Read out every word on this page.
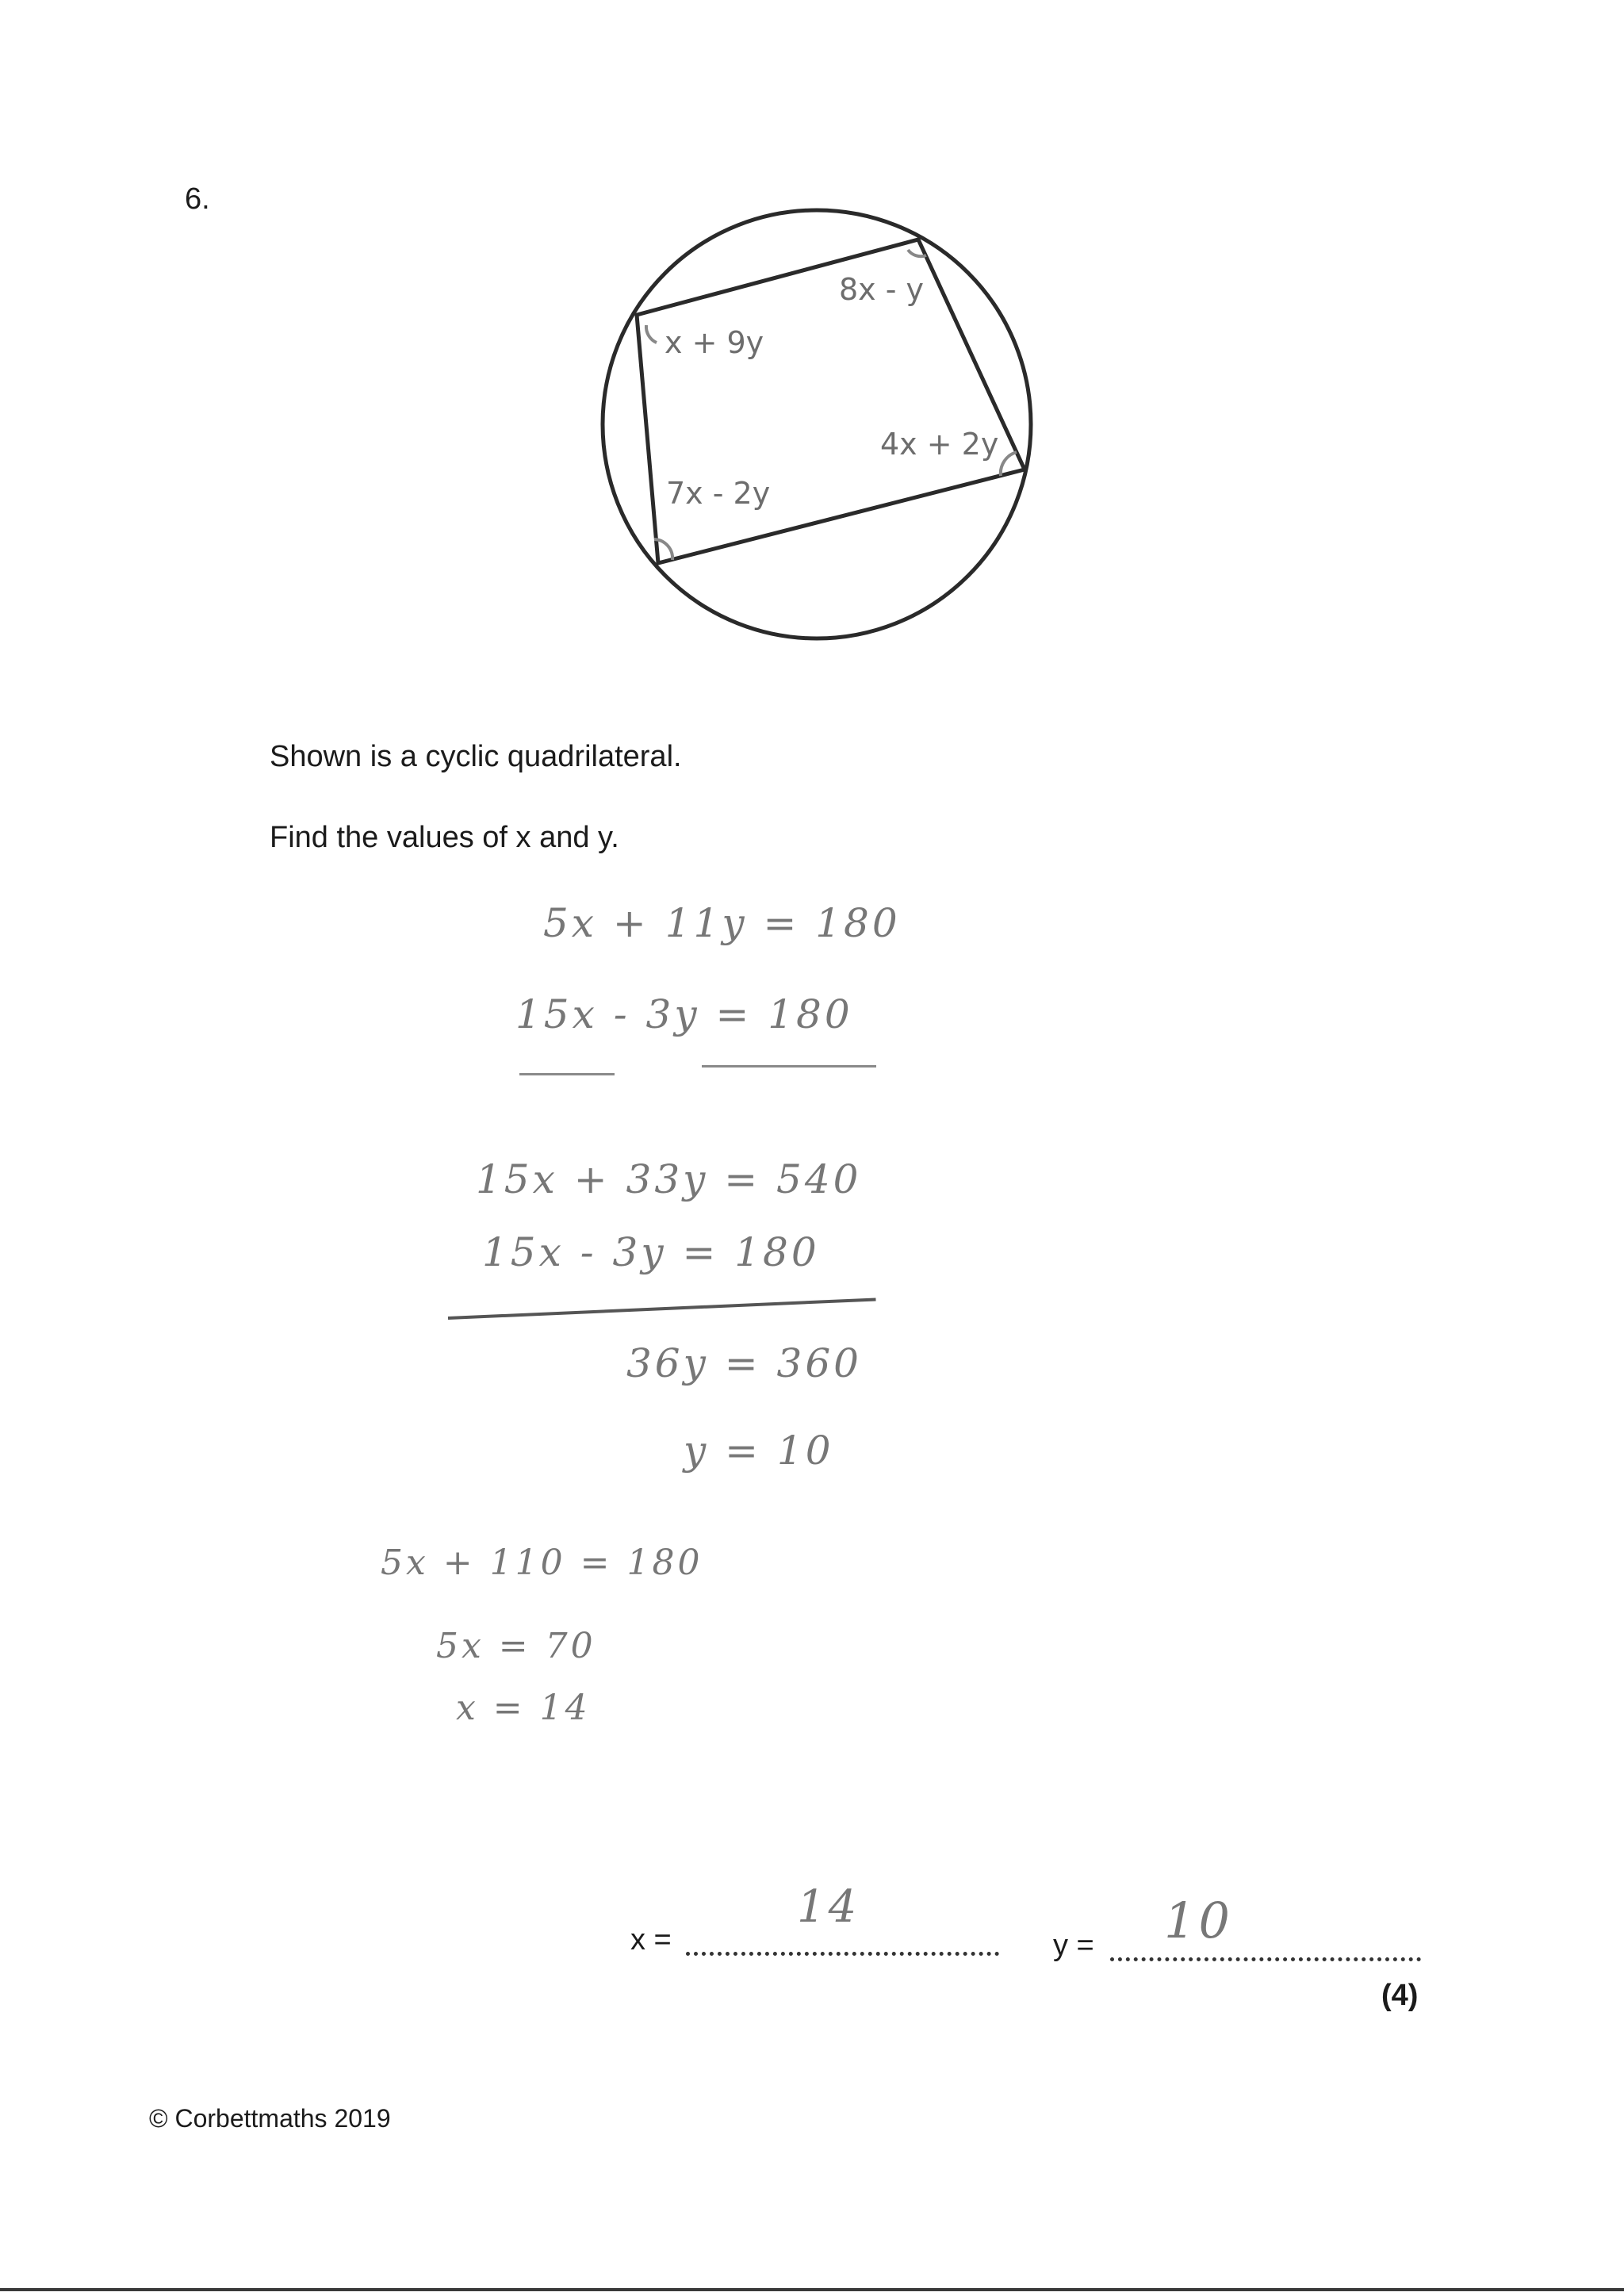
6.
8x - y
x + 9y
4x + 2y
7x - 2y
Shown is a cyclic quadrilateral.
Find the values of x and y.
5x + 11y = 180
15x - 3y = 180
15x + 33y = 540
15x - 3y = 180
36y = 360
y = 10
5x + 110 = 180
5x = 70
x = 14
x =
14
y = 10
(4)
© Corbettmaths 2019
